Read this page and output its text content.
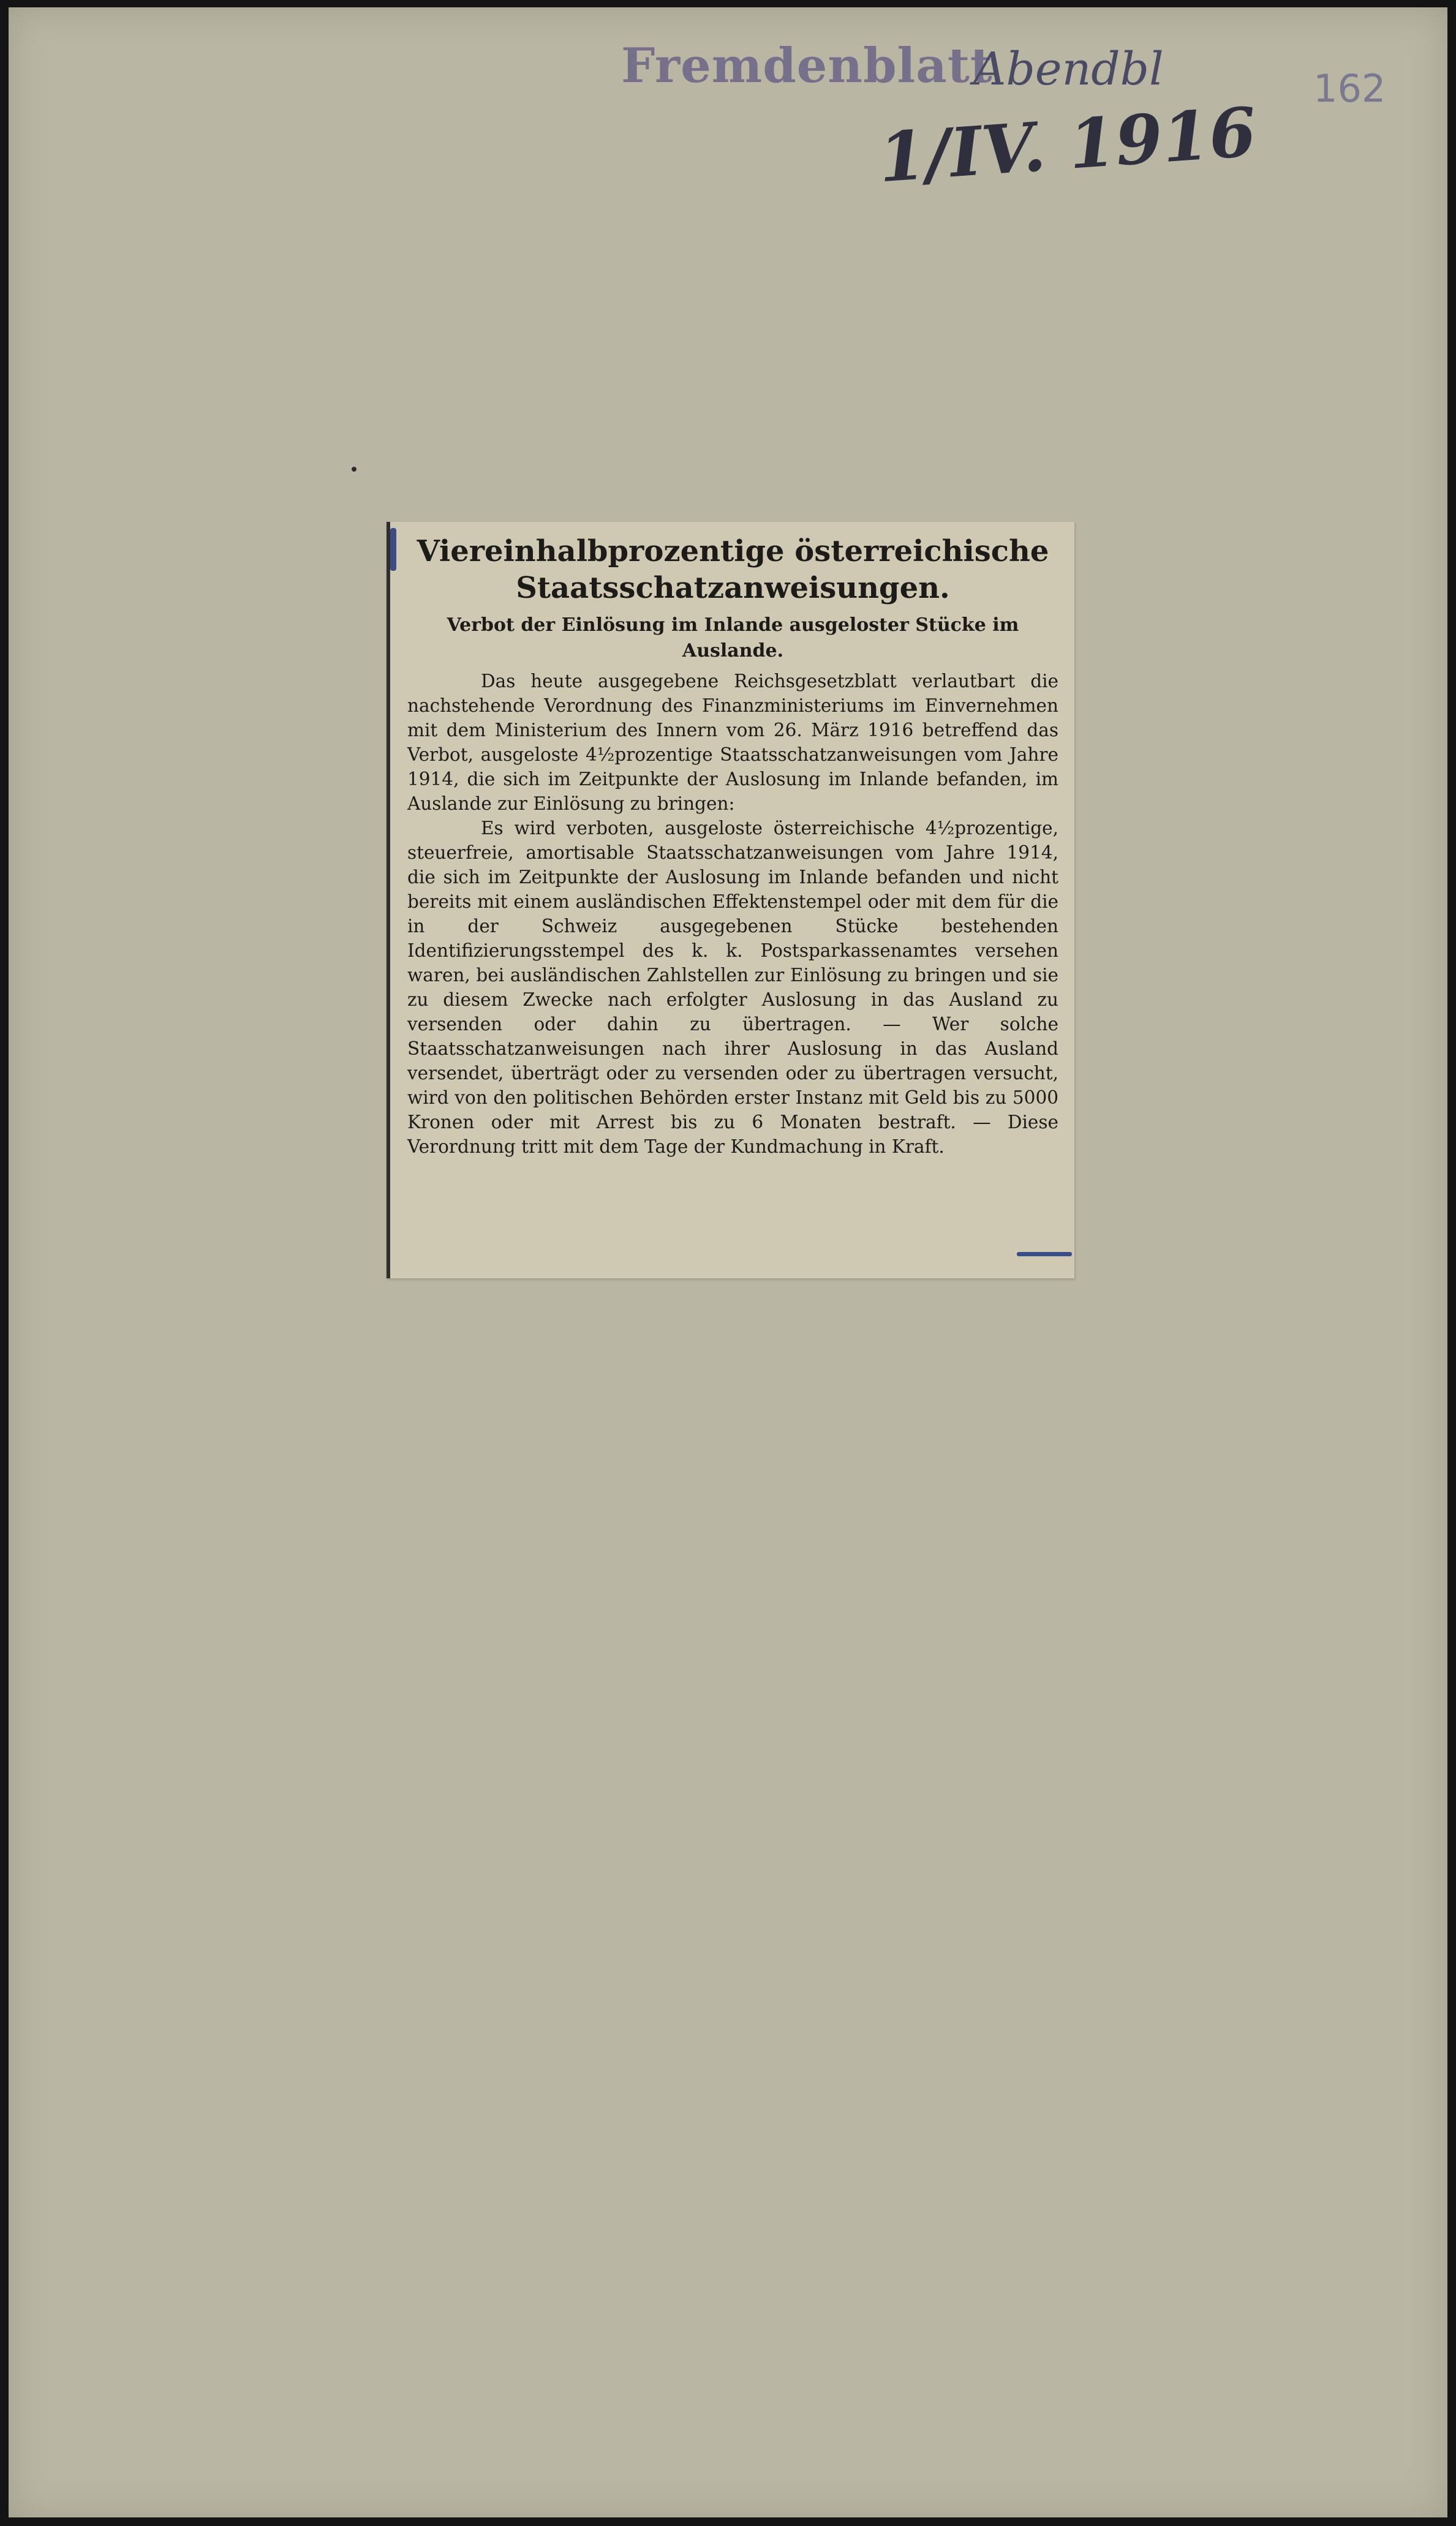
Fremdenblatt
Abendbl
1/IV. 1916
162
Viereinhalbprozentige österreichische Staatsschatzanweisungen.
Verbot der Einlösung im Inlande ausgeloster Stücke im Auslande.

Das heute ausgegebene Reichsgesetzblatt verlautbart die nachstehende Verordnung des Finanzministeriums im Einvernehmen mit dem Ministerium des Innern vom 26. März 1916 betreffend das Verbot, ausgeloste 4½prozentige Staatsschatzanweisungen vom Jahre 1914, die sich im Zeitpunkte der Auslosung im Inlande befanden, im Auslande zur Einlösung zu bringen:

Es wird verboten, ausgeloste österreichische 4½prozentige, steuerfreie, amortisable Staatsschatzanweisungen vom Jahre 1914, die sich im Zeitpunkte der Auslosung im Inlande befanden und nicht bereits mit einem ausländischen Effektenstempel oder mit dem für die in der Schweiz ausgegebenen Stücke bestehenden Identifizierungsstempel des k. k. Postsparkassenamtes versehen waren, bei ausländischen Zahlstellen zur Einlösung zu bringen und sie zu diesem Zwecke nach erfolgter Auslosung in das Ausland zu versenden oder dahin zu übertragen. — Wer solche Staatsschatzanweisungen nach ihrer Auslosung in das Ausland versendet, überträgt oder zu versenden oder zu übertragen versucht, wird von den politischen Behörden erster Instanz mit Geld bis zu 5000 Kronen oder mit Arrest bis zu 6 Monaten bestraft. — Diese Verordnung tritt mit dem Tage der Kundmachung in Kraft.
